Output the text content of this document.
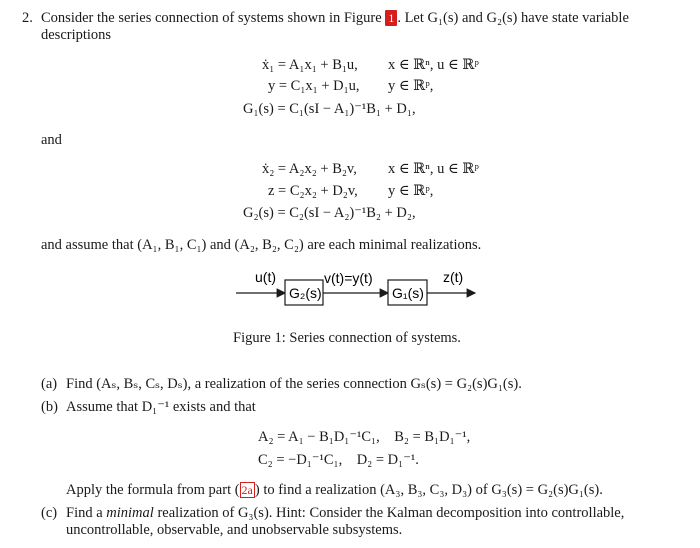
2. Consider the series connection of systems shown in Figure 1 . Let G₁(s) and G₂(s) have state variable
descriptions
ẋ₁ = A₁x₁ + B₁u, x ∈ ℝⁿ, u ∈ ℝᵖ
y = C₁x₁ + D₁u, y ∈ ℝᵖ,
G₁(s) = C₁(sI − A₁)⁻¹B₁ + D₁,
and
ẋ₂ = A₂x₂ + B₂v, x ∈ ℝⁿ, u ∈ ℝᵖ
z = C₂x₂ + D₂v, y ∈ ℝᵖ,
G₂(s) = C₂(sI − A₂)⁻¹B₂ + D₂,
and assume that (A₁, B₁, C₁) and (A₂, B₂, C₂) are each minimal realizations.
u(t)
G₂(s)
v(t)=y(t)
G₁(s)
z(t)
Figure 1: Series connection of systems.
(a) Find (Aₛ, Bₛ, Cₛ, Dₛ), a realization of the series connection Gₛ(s) = G₂(s)G₁(s).
(b) Assume that D₁⁻¹ exists and that
A₂ = A₁ − B₁D₁⁻¹C₁,    B₂ = B₁D₁⁻¹,
C₂ = −D₁⁻¹C₁,    D₂ = D₁⁻¹.
Apply the formula from part ( 2a ) to find a realization (A₃, B₃, C₃, D₃) of G₃(s) = G₂(s)G₁(s).
(c) Find a minimal realization of G₃(s). Hint: Consider the Kalman decomposition into controllable,
uncontrollable, observable, and unobservable subsystems.
